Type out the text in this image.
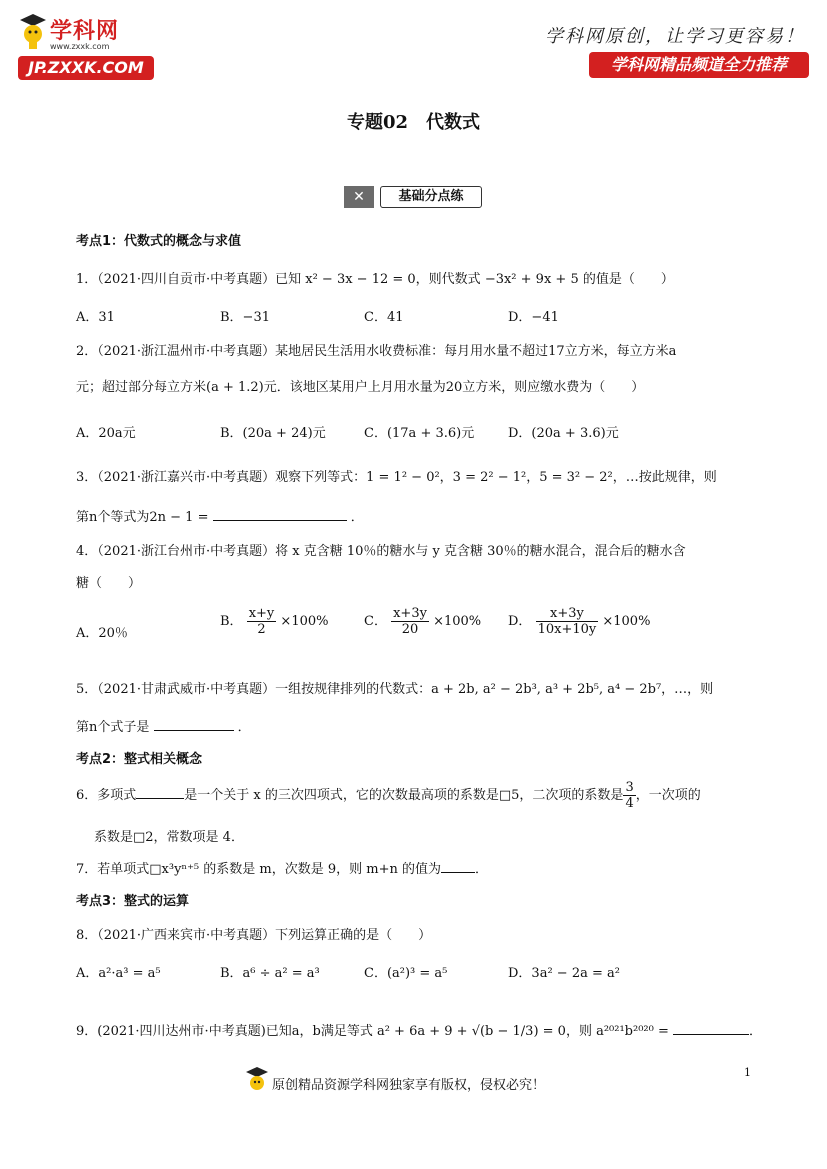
学科网
www.zxxk.com
JP.ZXXK.COM
学科网原创，让学习更容易！
学科网精品频道全力推荐
专题02　代数式
✕	基础分点练
考点1：代数式的概念与求值
1．（2021·四川自贡市·中考真题）已知 x² − 3x − 12 = 0，则代数式 −3x² + 9x + 5 的值是（　　）
A．31	B．−31	C．41	D．−41
2．（2021·浙江温州市·中考真题）某地居民生活用水收费标准：每月用水量不超过17立方米，每立方米a
元；超过部分每立方米(a + 1.2)元．该地区某用户上月用水量为20立方米，则应缴水费为（　　）
A．20a元	B．(20a + 24)元	C．(17a + 3.6)元	D．(20a + 3.6)元
3．（2021·浙江嘉兴市·中考真题）观察下列等式：1 = 1² − 0²，3 = 2² − 1²，5 = 3² − 2²，…按此规律，则
第n个等式为2n − 1 =	．
4．（2021·浙江台州市·中考真题）将 x 克含糖 10％的糖水与 y 克含糖 30％的糖水混合，混合后的糖水含
糖（　　）
A．20％
B． $\frac{x+y}{2} \times 100\%$	C． $\frac{x+3y}{20} \times 100\%$ D． $\frac{x+3y}{10x+10y} \times 100\%$
5．（2021·甘肃武威市·中考真题）一组按规律排列的代数式：a + 2b, a² − 2b³, a³ + 2b⁵, a⁴ − 2b⁷，…，则
第n个式子是	．
考点2：整式相关概念
6．多项式	是一个关于 x 的三次四项式，它的次数最高项的系数是□5，二次项的系数是 $\frac{3}{4}$ ，一次项的
系数是□2，常数项是 4．
7．若单项式□x³yⁿ⁺⁵ 的系数是 m，次数是 9，则 m+n 的值为	．
考点3：整式的运算
8．（2021·广西来宾市·中考真题）下列运算正确的是（　　）
A．a²·a³ = a⁵	B．a⁶ ÷ a² = a³	C．(a²)³ = a⁵	D．3a² − 2a = a²
9．(2021·四川达州市·中考真题)已知a，b满足等式 a² + 6a + 9 + √(b − 1/3) = 0，则 a²⁰²¹b²⁰²⁰ =	．
原创精品资源学科网独家享有版权，侵权必究！
1
